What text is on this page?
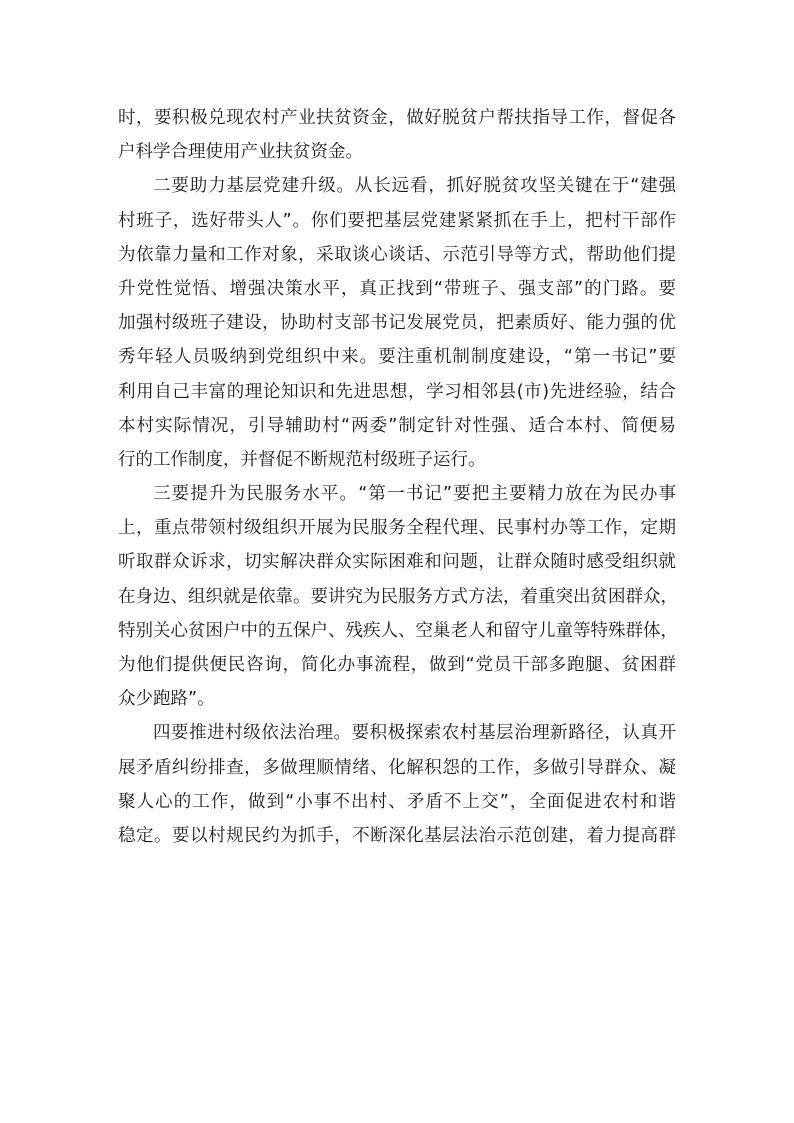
时，要积极兑现农村产业扶贫资金，做好脱贫户帮扶指导工作，督促各
户科学合理使用产业扶贫资金。
二要助力基层党建升级。从长远看，抓好脱贫攻坚关键在于“建强
村班子，选好带头人”。你们要把基层党建紧紧抓在手上，把村干部作
为依靠力量和工作对象，采取谈心谈话、示范引导等方式，帮助他们提
升党性觉悟、增强决策水平，真正找到“带班子、强支部”的门路。要
加强村级班子建设，协助村支部书记发展党员，把素质好、能力强的优
秀年轻人员吸纳到党组织中来。要注重机制制度建设，“第一书记”要
利用自己丰富的理论知识和先进思想，学习相邻县(市)先进经验，结合
本村实际情况，引导辅助村“两委”制定针对性强、适合本村、简便易
行的工作制度，并督促不断规范村级班子运行。
三要提升为民服务水平。“第一书记”要把主要精力放在为民办事
上，重点带领村级组织开展为民服务全程代理、民事村办等工作，定期
听取群众诉求，切实解决群众实际困难和问题，让群众随时感受组织就
在身边、组织就是依靠。要讲究为民服务方式方法，着重突出贫困群众，
特别关心贫困户中的五保户、残疾人、空巢老人和留守儿童等特殊群体，
为他们提供便民咨询，简化办事流程，做到“党员干部多跑腿、贫困群
众少跑路”。
四要推进村级依法治理。要积极探索农村基层治理新路径，认真开
展矛盾纠纷排查，多做理顺情绪、化解积怨的工作，多做引导群众、凝
聚人心的工作，做到“小事不出村、矛盾不上交”，全面促进农村和谐
稳定。要以村规民约为抓手，不断深化基层法治示范创建，着力提高群
